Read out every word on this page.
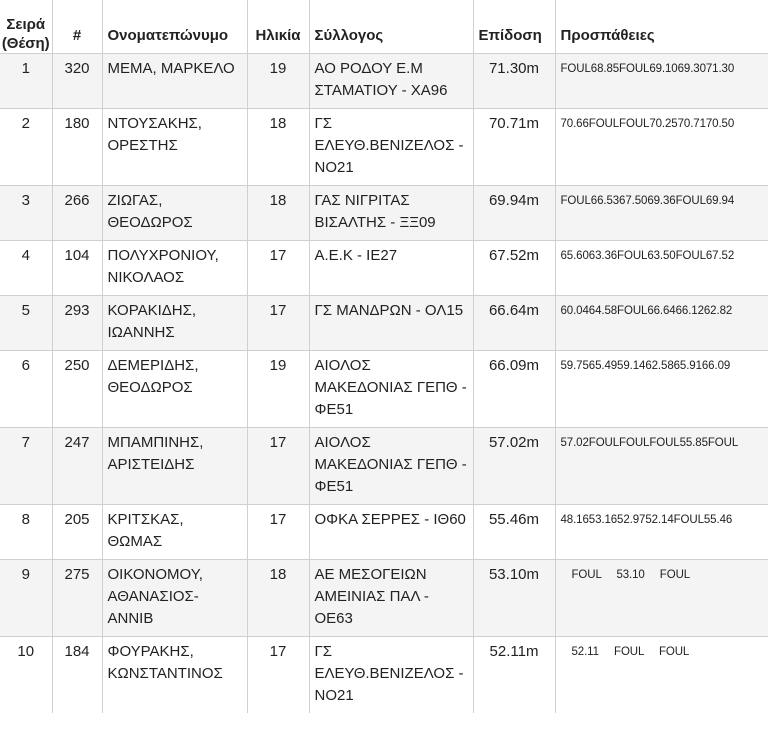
Σειρά (Θέση)	#	Ονοματεπώνυμο	Ηλικία	Σύλλογος	Επίδοση	Προσπάθειες
1	320	ΜΕΜΑ, ΜΑΡΚΕΛΟ	19	ΑΟ ΡΟΔΟΥ Ε.Μ ΣΤΑΜΑΤΙΟΥ - ΧΑ96	71.30m	FOUL68.85FOUL69.1069.3071.30
2	180	ΝΤΟΥΣΑΚΗΣ, ΟΡΕΣΤΗΣ	18	ΓΣ ΕΛΕΥΘ.ΒΕΝΙΖΕΛΟΣ - ΝΟ21	70.71m	70.66FOULFOUL70.2570.7170.50
3	266	ΖΙΩΓΑΣ, ΘΕΟΔΩΡΟΣ	18	ΓΑΣ ΝΙΓΡΙΤΑΣ ΒΙΣΑΛΤΗΣ - ΞΞ09	69.94m	FOUL66.5367.5069.36FOUL69.94
4	104	ΠΟΛΥΧΡΟΝΙΟΥ, ΝΙΚΟΛΑΟΣ	17	Α.Ε.Κ - ΙΕ27	67.52m	65.6063.36FOUL63.50FOUL67.52
5	293	ΚΟΡΑΚΙΔΗΣ, ΙΩΑΝΝΗΣ	17	ΓΣ ΜΑΝΔΡΩΝ - ΟΛ15	66.64m	60.0464.58FOUL66.6466.1262.82
6	250	ΔΕΜΕΡΙΔΗΣ, ΘΕΟΔΩΡΟΣ	19	ΑΙΟΛΟΣ ΜΑΚΕΔΟΝΙΑΣ ΓΕΠΘ - ΦΕ51	66.09m	59.7565.4959.1462.5865.9166.09
7	247	ΜΠΑΜΠΙΝΗΣ, ΑΡΙΣΤΕΙΔΗΣ	17	ΑΙΟΛΟΣ ΜΑΚΕΔΟΝΙΑΣ ΓΕΠΘ - ΦΕ51	57.02m	57.02FOULFOULFOUL55.85FOUL
8	205	ΚΡΙΤΣΚΑΣ, ΘΩΜΑΣ	17	ΟΦΚΑ ΣΕΡΡΕΣ - ΙΘ60	55.46m	48.1653.1652.9752.14FOUL55.46
9	275	ΟΙΚΟΝΟΜΟΥ, ΑΘΑΝΑΣΙΟΣ-ΑΝΝΙΒ	18	ΑΕ ΜΕΣΟΓΕΙΩΝ ΑΜΕΙΝΙΑΣ ΠΑΛ - ΟΕ63	53.10m	FOUL 53.10 FOUL
10	184	ΦΟΥΡΑΚΗΣ, ΚΩΝΣΤΑΝΤΙΝΟΣ	17	ΓΣ ΕΛΕΥΘ.ΒΕΝΙΖΕΛΟΣ - ΝΟ21	52.11m	52.11 FOUL FOUL
